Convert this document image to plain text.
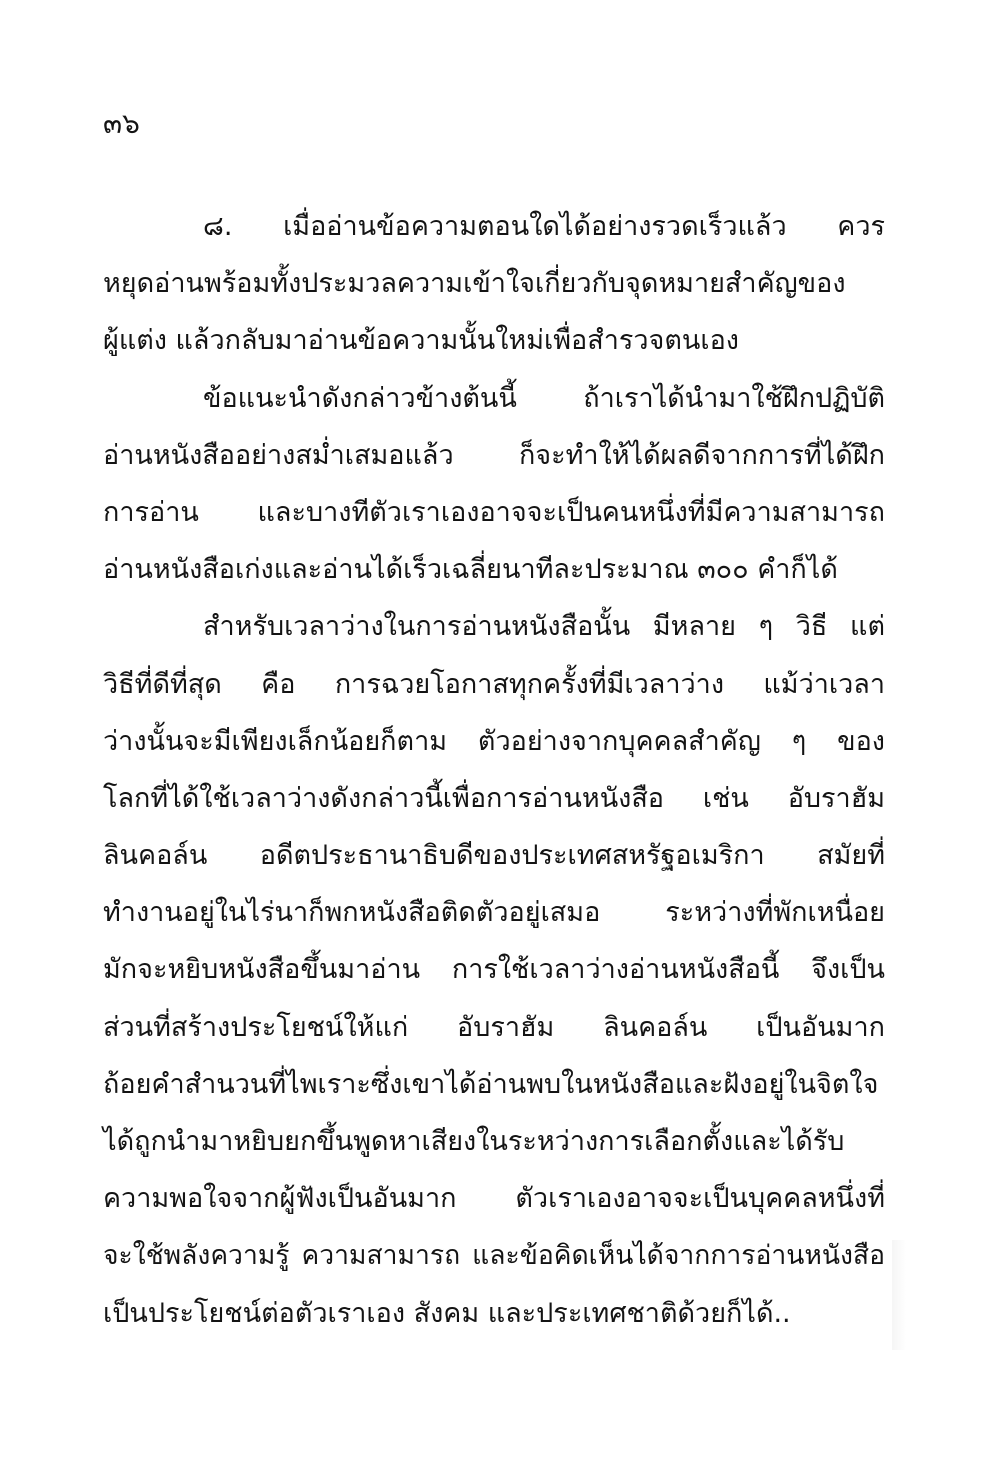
๓๖
๘. เมื่ออ่านข้อความตอนใดได้อย่างรวดเร็วแล้ว ควร
หยุดอ่านพร้อมทั้งประมวลความเข้าใจเกี่ยวกับจุดหมายสำคัญของ
ผู้แต่ง แล้วกลับมาอ่านข้อความนั้นใหม่เพื่อสำรวจตนเอง
ข้อแนะนำดังกล่าวข้างต้นนี้ ถ้าเราได้นำมาใช้ฝึกปฏิบัติ
อ่านหนังสืออย่างสม่ำเสมอแล้ว ก็จะทำให้ได้ผลดีจากการที่ได้ฝึก
การอ่าน และบางทีตัวเราเองอาจจะเป็นคนหนึ่งที่มีความสามารถ
อ่านหนังสือเก่งและอ่านได้เร็วเฉลี่ยนาทีละประมาณ ๓๐๐ คำก็ได้
สำหรับเวลาว่างในการอ่านหนังสือนั้น มีหลาย ๆ วิธี แต่
วิธีที่ดีที่สุด คือ การฉวยโอกาสทุกครั้งที่มีเวลาว่าง แม้ว่าเวลา
ว่างนั้นจะมีเพียงเล็กน้อยก็ตาม ตัวอย่างจากบุคคลสำคัญ ๆ ของ
โลกที่ได้ใช้เวลาว่างดังกล่าวนี้เพื่อการอ่านหนังสือ เช่น อับราฮัม
ลินคอล์น อดีตประธานาธิบดีของประเทศสหรัฐอเมริกา สมัยที่
ทำงานอยู่ในไร่นาก็พกหนังสือติดตัวอยู่เสมอ ระหว่างที่พักเหนื่อย
มักจะหยิบหนังสือขึ้นมาอ่าน การใช้เวลาว่างอ่านหนังสือนี้ จึงเป็น
ส่วนที่สร้างประโยชน์ให้แก่ อับราฮัม ลินคอล์น เป็นอันมาก
ถ้อยคำสำนวนที่ไพเราะซึ่งเขาได้อ่านพบในหนังสือและฝังอยู่ในจิตใจ
ได้ถูกนำมาหยิบยกขึ้นพูดหาเสียงในระหว่างการเลือกตั้งและได้รับ
ความพอใจจากผู้ฟังเป็นอันมาก ตัวเราเองอาจจะเป็นบุคคลหนึ่งที่
จะใช้พลังความรู้ ความสามารถ และข้อคิดเห็นได้จากการอ่านหนังสือ
เป็นประโยชน์ต่อตัวเราเอง สังคม และประเทศชาติด้วยก็ได้..
